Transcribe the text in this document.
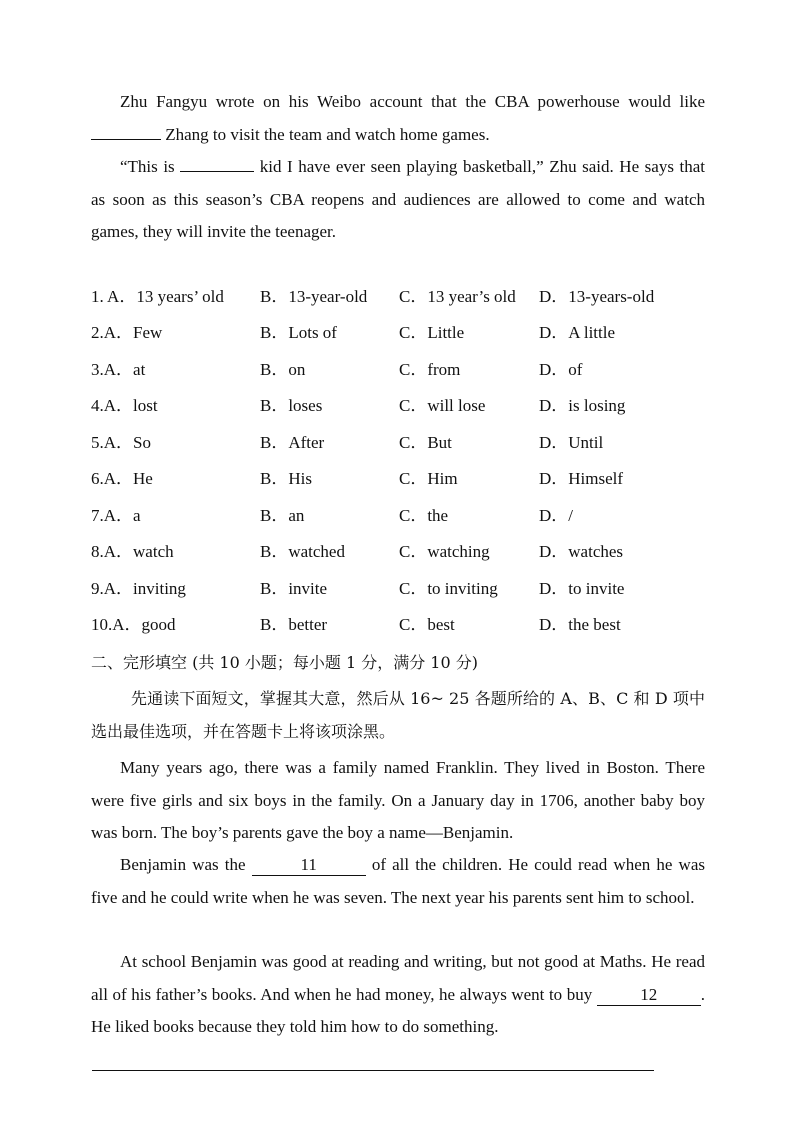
Zhu Fangyu wrote on his Weibo account that the CBA powerhouse would like  Zhang to visit the team and watch home games.
“This is	kid I have ever seen playing basketball,” Zhu said. He says that as soon as this season’s CBA reopens and audiences are allowed to come and watch games, they will invite the teenager.
1. A．13 years’ old B．13-year-old C．13 year’s old D．13-years-old
2.A．Few	B．Lots of	C．Little	D．A little
3.A．at	B．on	C．from	D．of
4.A．lost	B．loses	C．will lose	D．is losing
5.A．So	B．After	C．But	D．Until
6.A．He	B．His	C．Him	D．Himself
7.A．a	B．an	C．the	D．/
8.A．watch	B．watched	C．watching	D．watches
9.A．inviting	B．invite	C．to inviting D．to invite
10.A．good	B．better	C．best	D．the best
二、完形填空 (共 10 小题；每小题 1 分，满分 10 分)
先通读下面短文，掌握其大意，然后从 16~ 25 各题所给的 A、B、C 和 D 项中选出最佳选项，并在答题卡上将该项涂黑。
Many years ago, there was a family named Franklin. They lived in Boston. There were five girls and six boys in the family. On a January day in 1706, another baby boy was born. The boy’s parents gave the boy a name—Benjamin.
Benjamin was the	11	of all the children. He could read when he was five and he could write when he was seven. The next year his parents sent him to school.
At school Benjamin was good at reading and writing, but not good at Maths. He read all of his father’s books. And when he had money, he always went to buy	12	. He liked books because they told him how to do something.
